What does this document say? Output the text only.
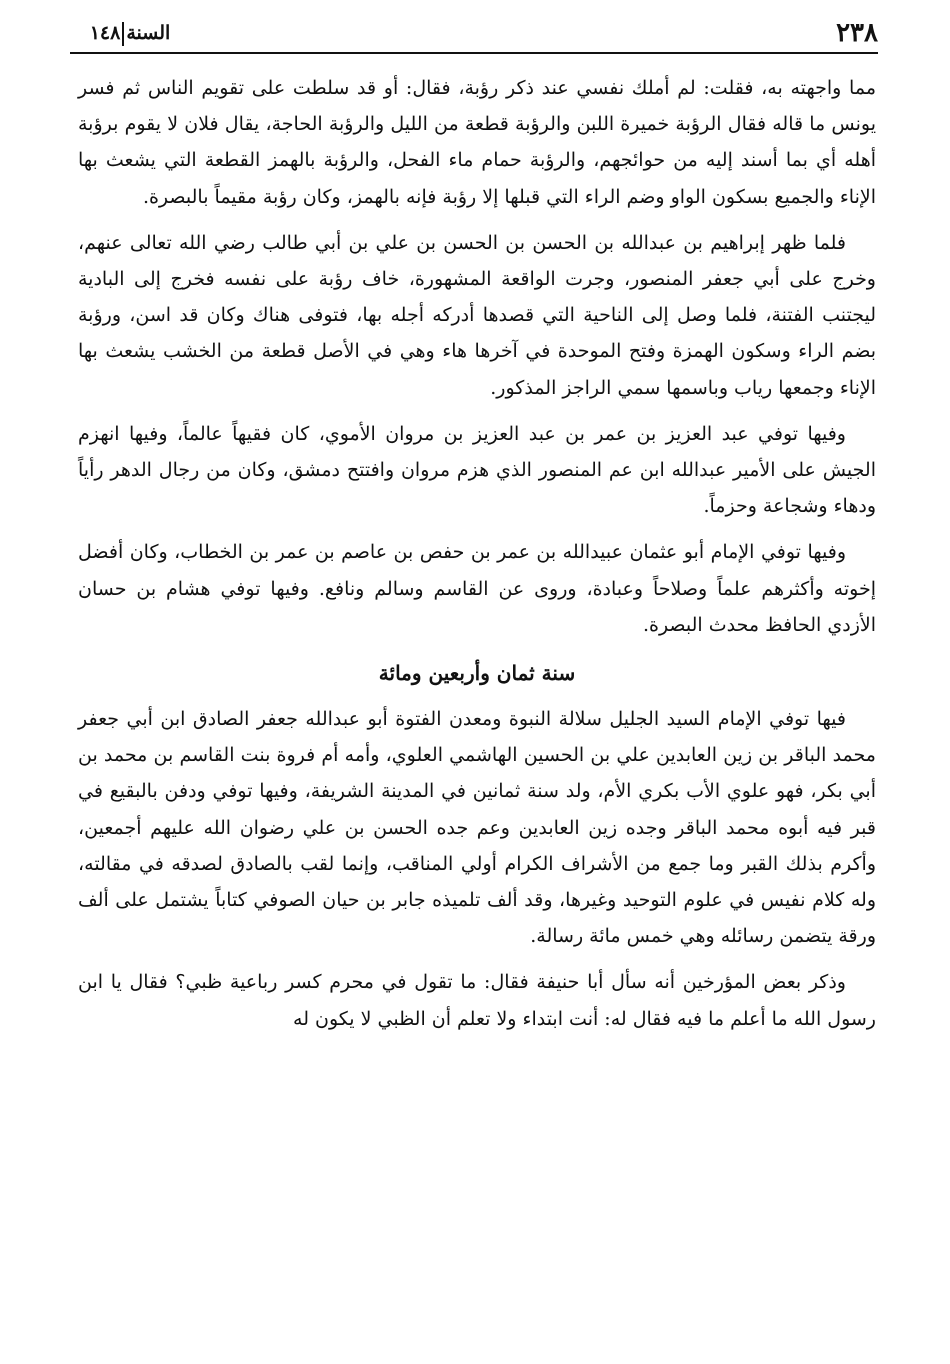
٢٣٨
السنة١٤٨

مما واجهته به، فقلت: لم أملك نفسي عند ذكر رؤبة، فقال: أو قد سلطت على تقويم الناس ثم فسر يونس ما قاله فقال الرؤبة خميرة اللبن والرؤبة قطعة من الليل والرؤبة الحاجة، يقال فلان لا يقوم برؤبة أهله أي بما أسند إليه من حوائجهم، والرؤبة حمام ماء الفحل، والرؤبة بالهمز القطعة التي يشعث بها الإناء والجميع بسكون الواو وضم الراء التي قبلها إلا رؤبة فإنه بالهمز، وكان رؤبة مقيماً بالبصرة.

فلما ظهر إبراهيم بن عبدالله بن الحسن بن الحسن بن علي بن أبي طالب رضي الله تعالى عنهم، وخرج على أبي جعفر المنصور، وجرت الواقعة المشهورة، خاف رؤبة على نفسه فخرج إلى البادية ليجتنب الفتنة، فلما وصل إلى الناحية التي قصدها أدركه أجله بها، فتوفى هناك وكان قد اسن، ورؤبة بضم الراء وسكون الهمزة وفتح الموحدة في آخرها هاء وهي في الأصل قطعة من الخشب يشعث بها الإناء وجمعها رياب وباسمها سمي الراجز المذكور.

وفيها توفي عبد العزيز بن عمر بن عبد العزيز بن مروان الأموي، كان فقيهاً عالماً، وفيها انهزم الجيش على الأمير عبدالله ابن عم المنصور الذي هزم مروان وافتتح دمشق، وكان من رجال الدهر رأياً ودهاء وشجاعة وحزماً.

وفيها توفي الإمام أبو عثمان عبيدالله بن عمر بن حفص بن عاصم بن عمر بن الخطاب، وكان أفضل إخوته وأكثرهم علماً وصلاحاً وعبادة، وروى عن القاسم وسالم ونافع. وفيها توفي هشام بن حسان الأزدي الحافظ محدث البصرة.

سنة ثمان وأربعين ومائة

فيها توفي الإمام السيد الجليل سلالة النبوة ومعدن الفتوة أبو عبدالله جعفر الصادق ابن أبي جعفر محمد الباقر بن زين العابدين علي بن الحسين الهاشمي العلوي، وأمه أم فروة بنت القاسم بن محمد بن أبي بكر، فهو علوي الأب بكري الأم، ولد سنة ثمانين في المدينة الشريفة، وفيها توفي ودفن بالبقيع في قبر فيه أبوه محمد الباقر وجده زين العابدين وعم جده الحسن بن علي رضوان الله عليهم أجمعين، وأكرم بذلك القبر وما جمع من الأشراف الكرام أولي المناقب، وإنما لقب بالصادق لصدقه في مقالته، وله كلام نفيس في علوم التوحيد وغيرها، وقد ألف تلميذه جابر بن حيان الصوفي كتاباً يشتمل على ألف ورقة يتضمن رسائله وهي خمس مائة رسالة.

وذكر بعض المؤرخين أنه سأل أبا حنيفة فقال: ما تقول في محرم كسر رباعية ظبي؟ فقال يا ابن رسول الله ما أعلم ما فيه فقال له: أنت ابتداء ولا تعلم أن الظبي لا يكون له
